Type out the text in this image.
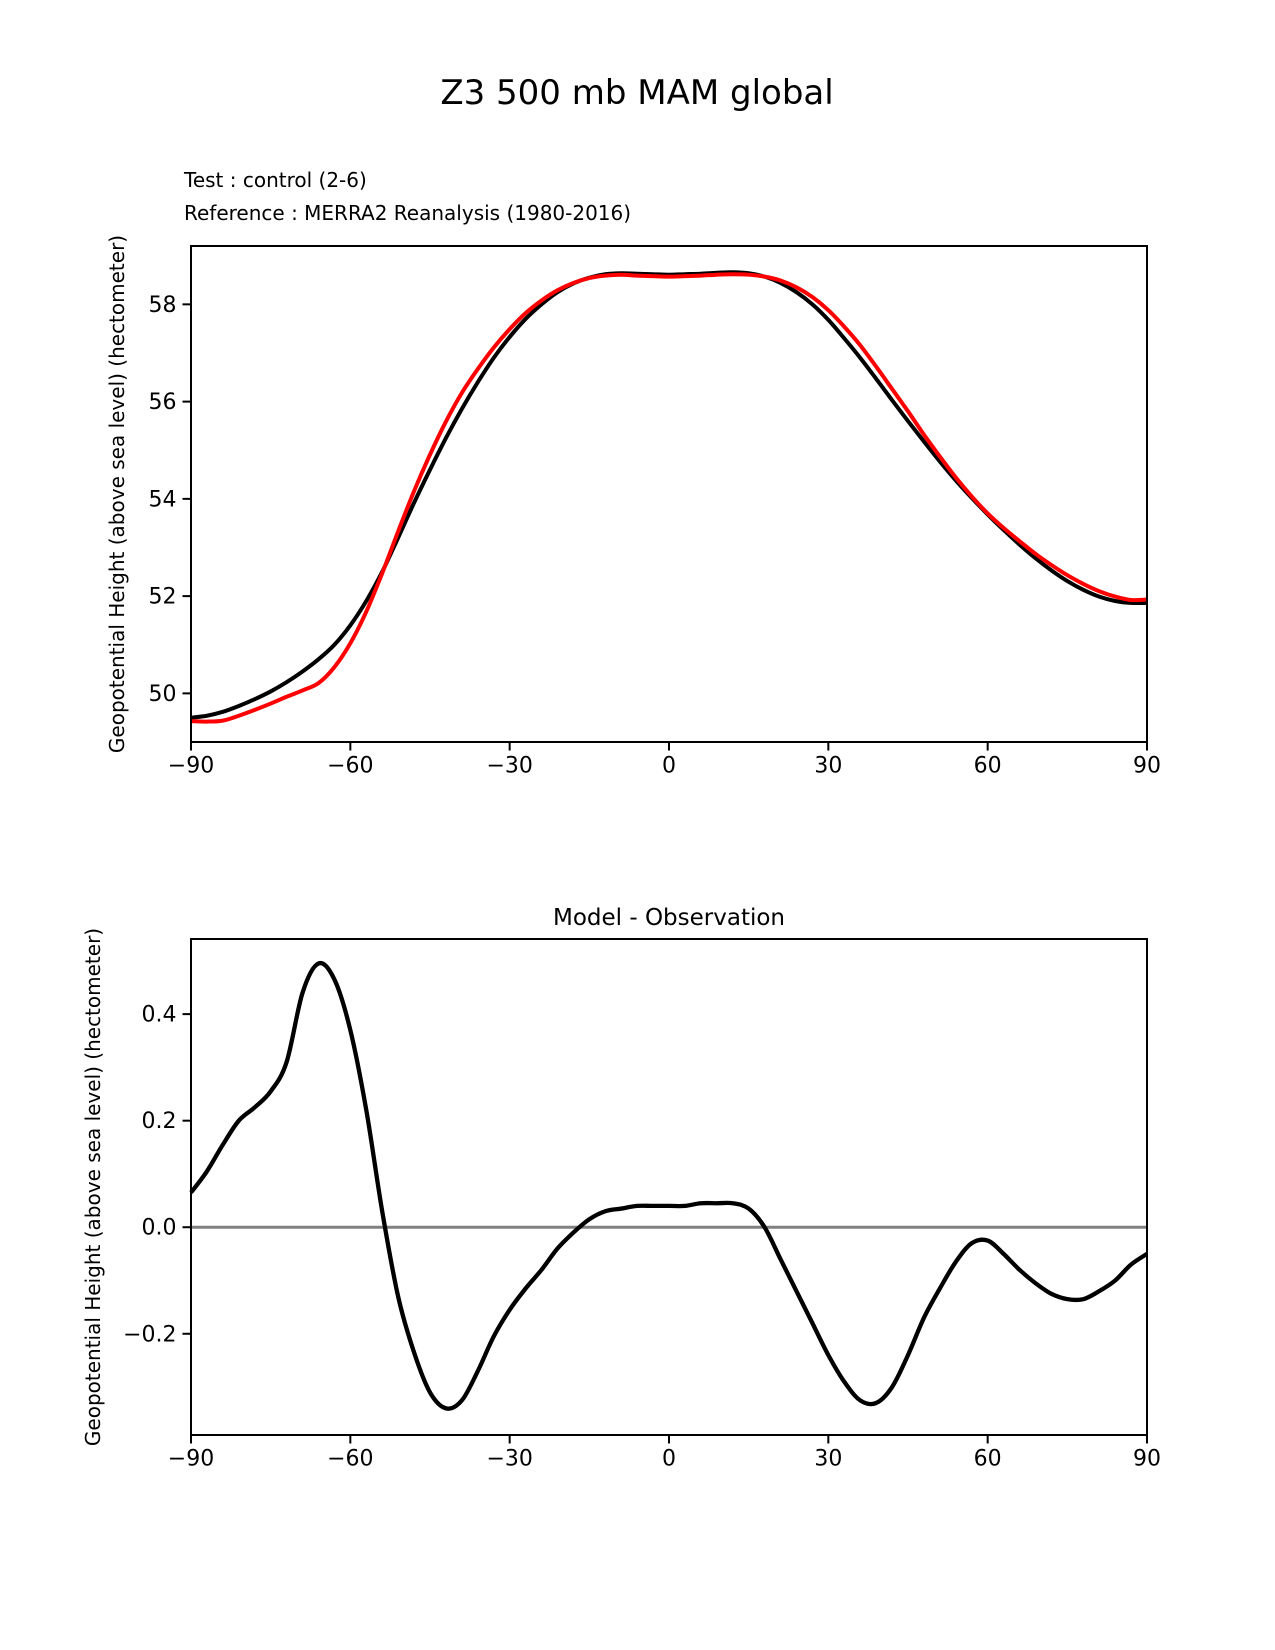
Z3 500 mb MAM global
Test : control (2-6)
Reference : MERRA2 Reanalysis (1980-2016)
Geopotential Height (above sea level) (hectometer)
Model - Observation
Geopotential Height (above sea level) (hectometer)
−90	−60	−30	0	30	60	90
50
52
54
56
58
−90	−60	−30	0	30	60	90
0.4
0.2
0.0
−0.2
